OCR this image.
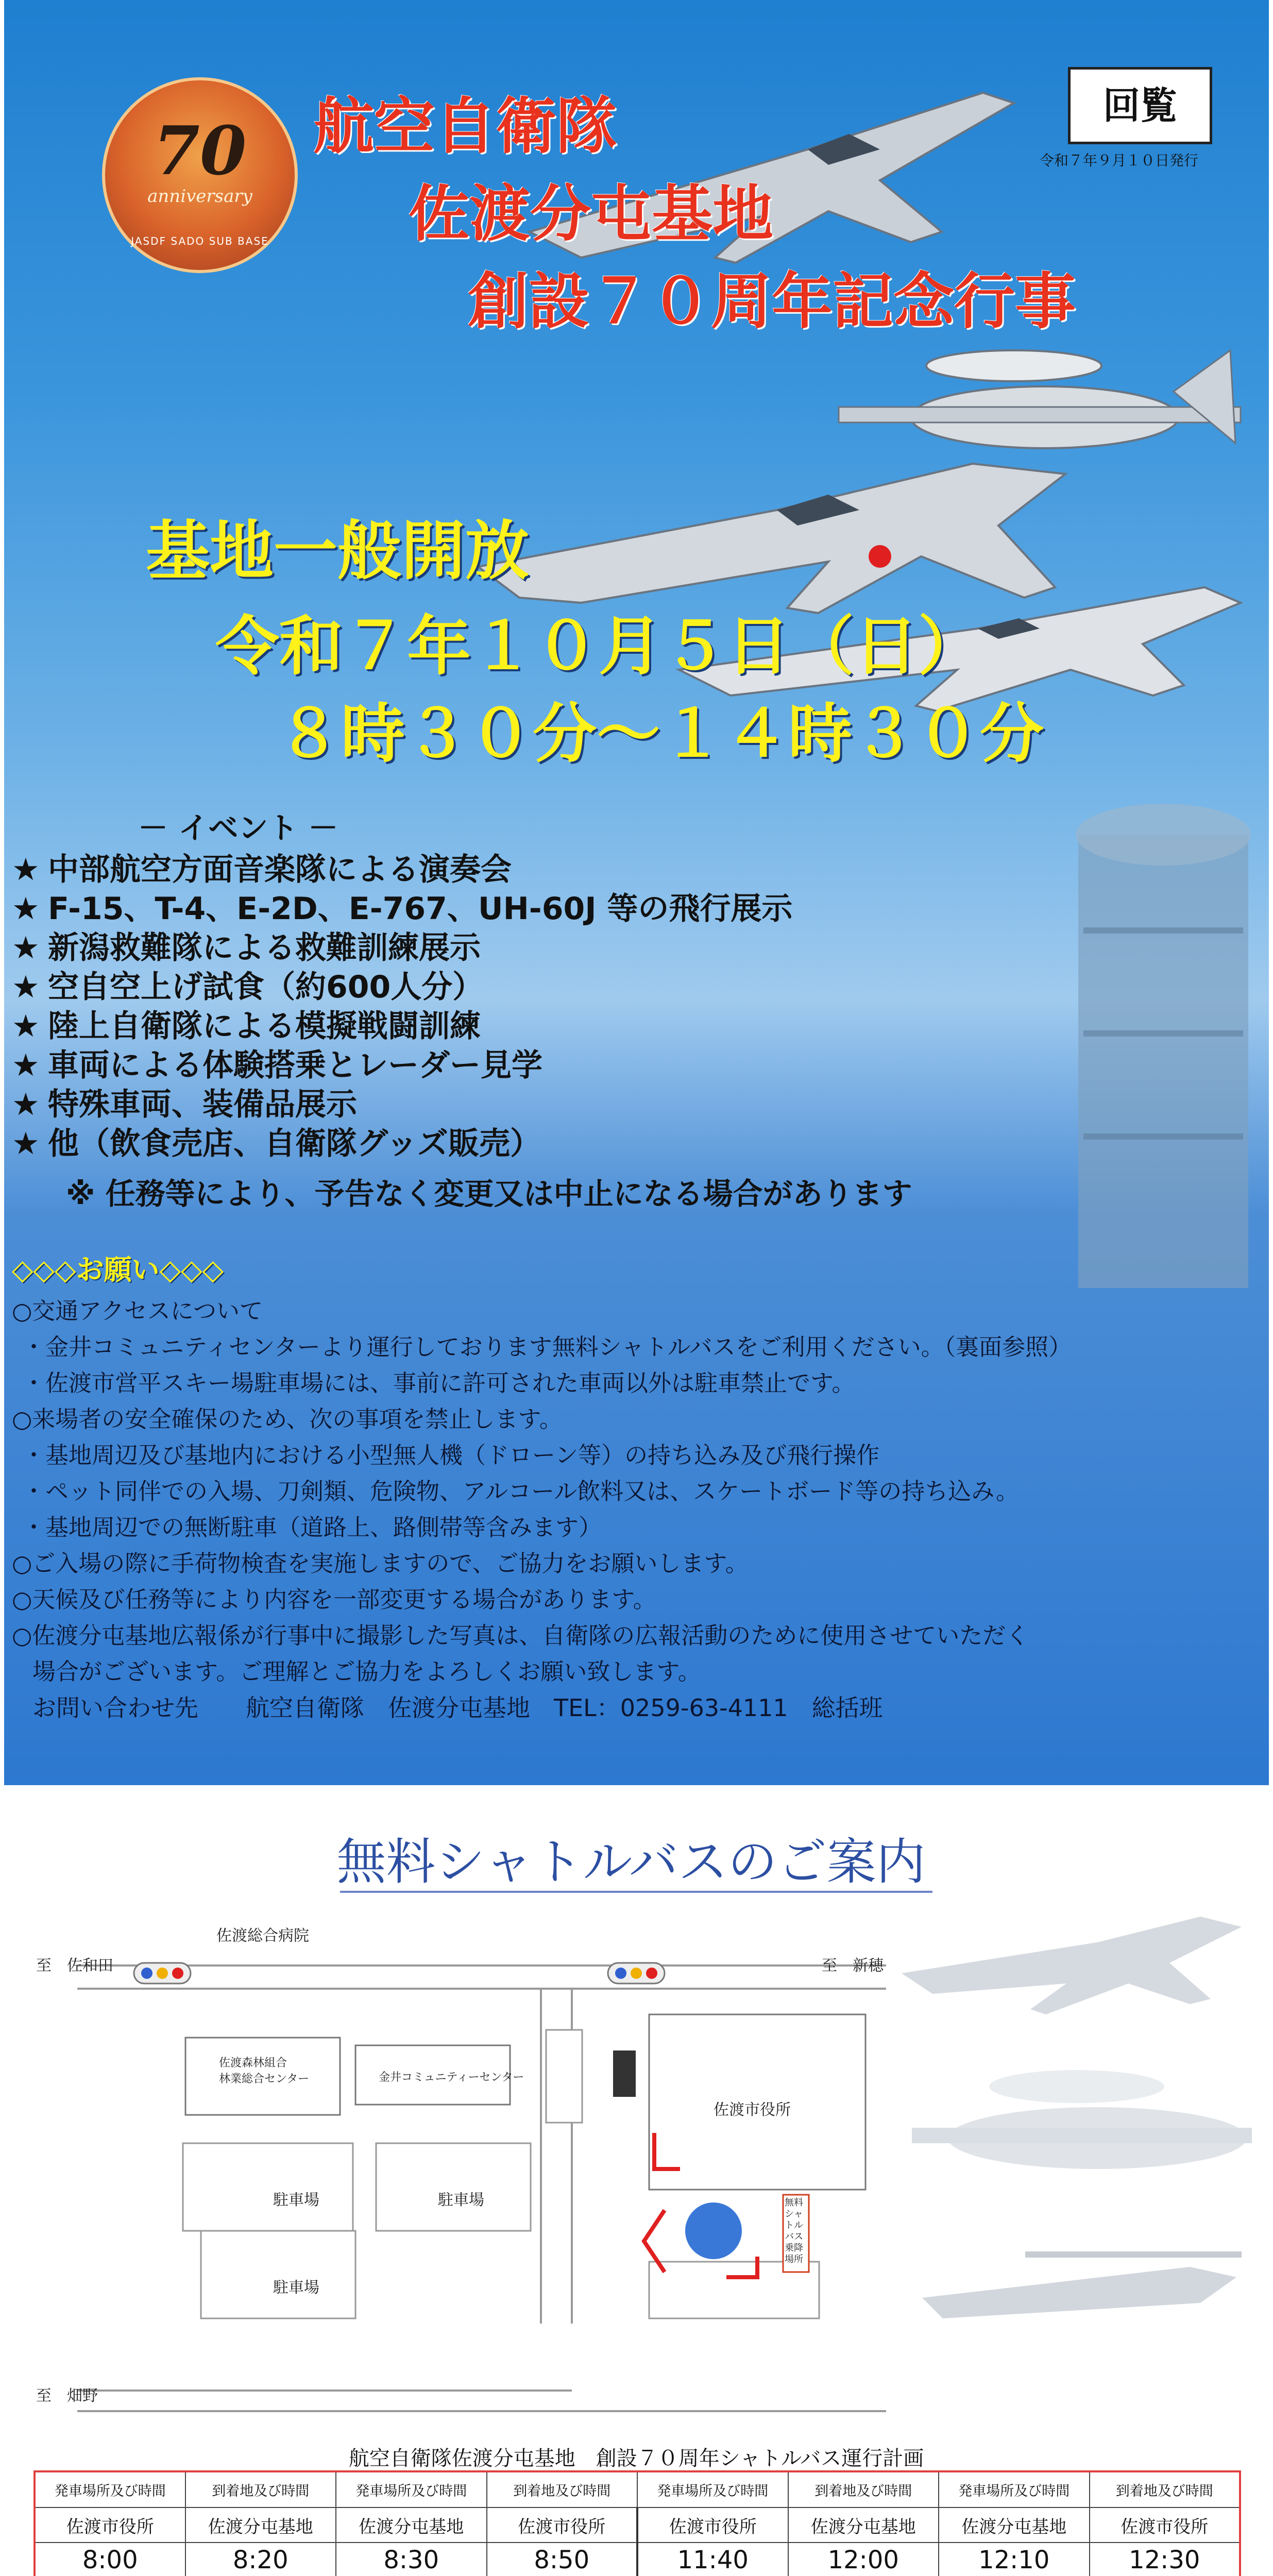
70
anniversary
JASDF SADO SUB BASE
航空自衛隊
佐渡分屯基地
創設７０周年記念行事
回覧
令和７年９月１０日発行
基地一般開放
令和７年１０月５日（日）
８時３０分～１４時３０分
－ イベント －
★ 中部航空方面音楽隊による演奏会
★ F-15、T-4、E-2D、E-767、UH-60J 等の飛行展示
★ 新潟救難隊による救難訓練展示
★ 空自空上げ試食（約600人分）
★ 陸上自衛隊による模擬戦闘訓練
★ 車両による体験搭乗とレーダー見学
★ 特殊車両、装備品展示
★ 他（飲食売店、自衛隊グッズ販売）
※ 任務等により、予告なく変更又は中止になる場合があります
◇◇◇お願い◇◇◇
○交通アクセスについて
・金井コミュニティセンターより運行しております無料シャトルバスをご利用ください。（裏面参照）
・佐渡市営平スキー場駐車場には、事前に許可された車両以外は駐車禁止です。
○来場者の安全確保のため、次の事項を禁止します。
・基地周辺及び基地内における小型無人機（ドローン等）の持ち込み及び飛行操作
・ペット同伴での入場、刀剣類、危険物、アルコール飲料又は、スケートボード等の持ち込み。
・基地周辺での無断駐車（道路上、路側帯等含みます）
○ご入場の際に手荷物検査を実施しますので、ご協力をお願いします。
○天候及び任務等により内容を一部変更する場合があります。
○佐渡分屯基地広報係が行事中に撮影した写真は、自衛隊の広報活動のために使用させていただく
場合がございます。ご理解とご協力をよろしくお願い致します。
お問い合わせ先　　航空自衛隊　佐渡分屯基地　TEL：0259-63-4111　総括班
無料シャトルバスのご案内
佐渡総合病院
至　佐和田	至　新穂
至　畑野
佐渡森林組合
林業総合センター	金井コミュニティーセンター
駐車場	駐車場
駐車場
佐渡市役所
無料シャトルバス乗降場所
航空自衛隊佐渡分屯基地　創設７０周年シャトルバス運行計画
発車場所及び時間	到着地及び時間	発車場所及び時間	到着地及び時間	発車場所及び時間	到着地及び時間	発車場所及び時間	到着地及び時間
佐渡市役所	佐渡分屯基地	佐渡分屯基地	佐渡市役所	佐渡市役所	佐渡分屯基地	佐渡分屯基地	佐渡市役所
8:00	8:20	8:30	8:50	11:40	12:00	12:10	12:30
